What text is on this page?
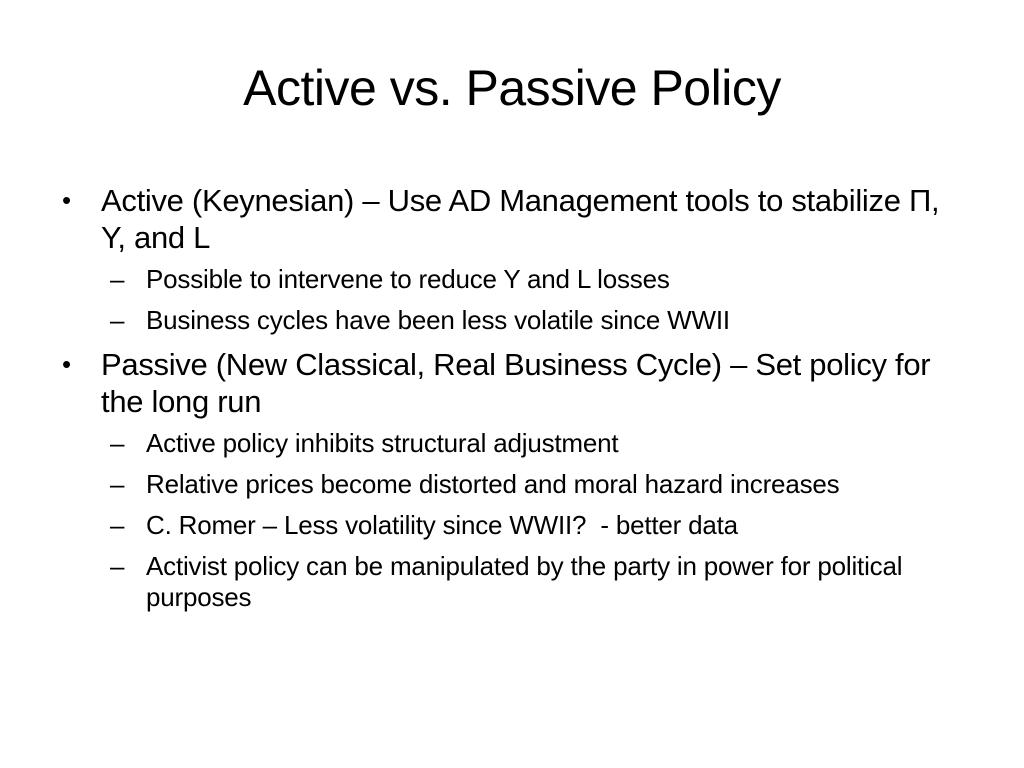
Active vs. Passive Policy
• Active (Keynesian) – Use AD Management tools to stabilize Π, Y, and L
– Possible to intervene to reduce Y and L losses
– Business cycles have been less volatile since WWII
• Passive (New Classical, Real Business Cycle) – Set policy for the long run
– Active policy inhibits structural adjustment
– Relative prices become distorted and moral hazard increases
– C. Romer – Less volatility since WWII?  - better data
– Activist policy can be manipulated by the party in power for political purposes
